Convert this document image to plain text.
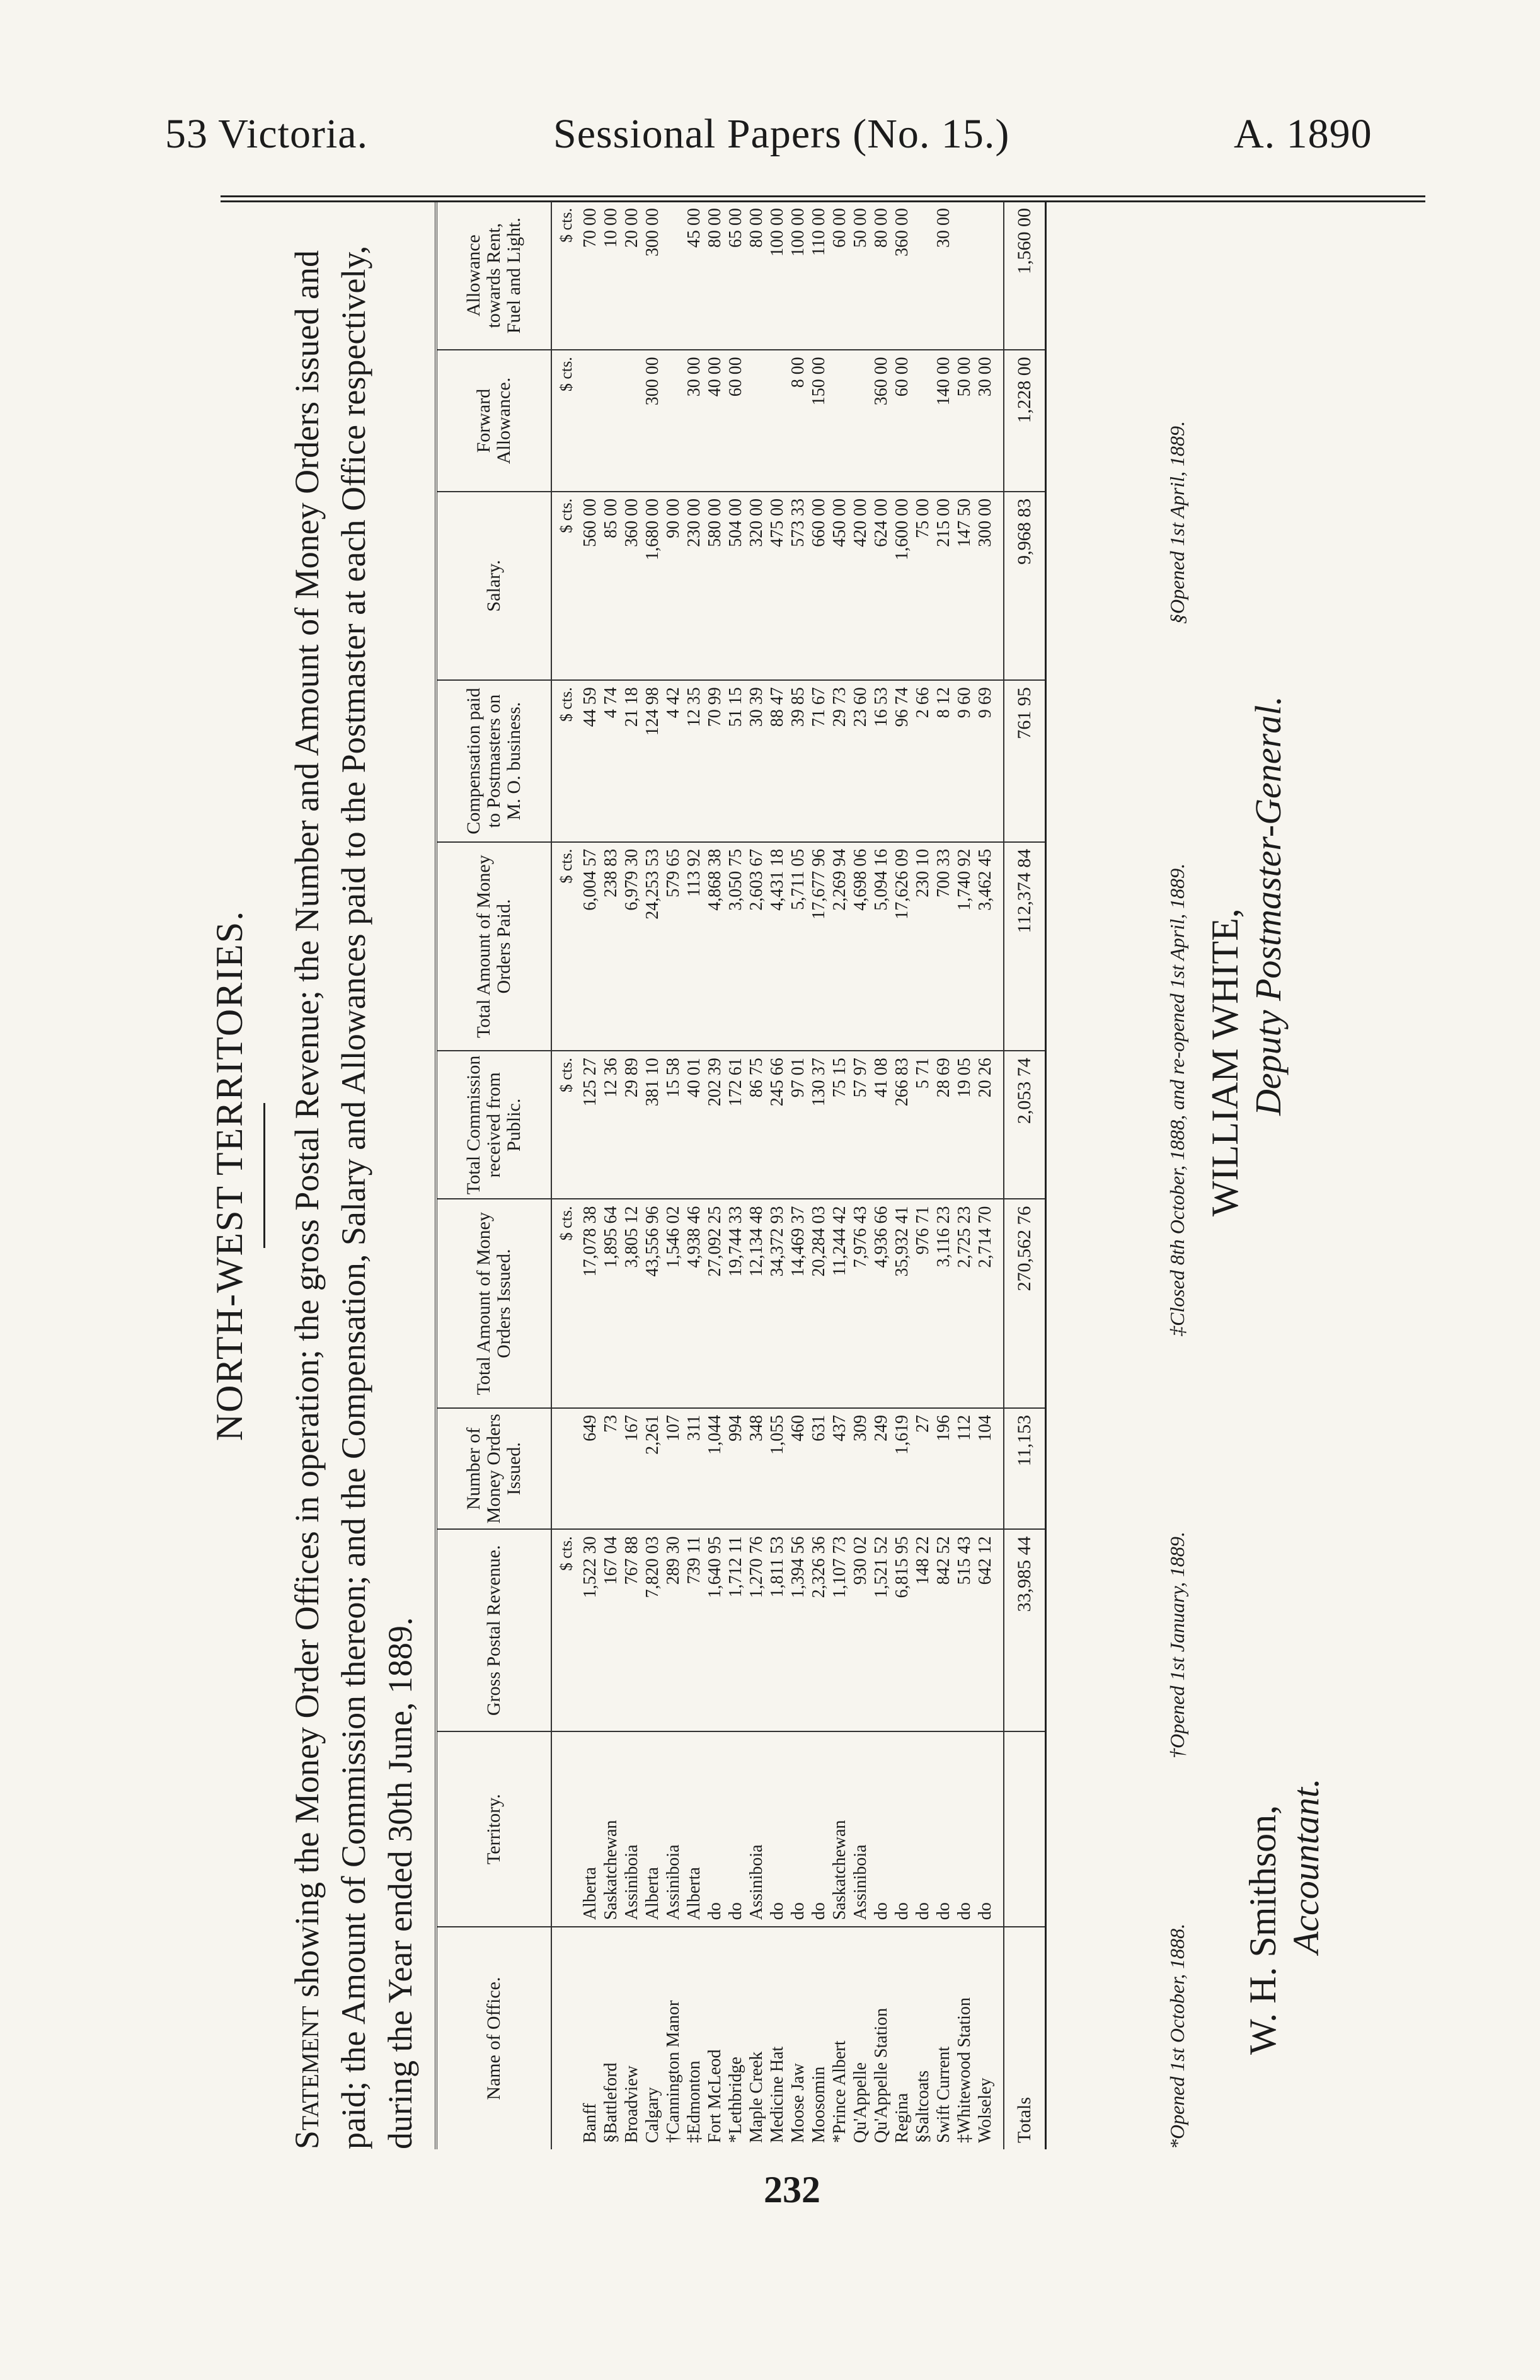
53 Victoria.	Sessional Papers (No. 15.)	A. 1890
NORTH-WEST TERRITORIES.
Statement showing the Money Order Offices in operation; the gross Postal Revenue; the Number and Amount of Money Orders issued and paid; the Amount of Commission thereon; and the Compensation, Salary and Allowances paid to the Postmaster at each Office respectively, during the Year ended 30th June, 1889.	Name of Office.	Territory.	Gross Postal Revenue.	Number of Money Orders Issued.	Total Amount of Money Orders Issued.	Total Commission received from Public.	Total Amount of Money Orders Paid.	Compensation paid to Postmasters on M. O. business.	Salary.	Forward Allowance.	Allowance towards Rent, Fuel and Light.
		$ cts.		$ cts.	$ cts.	$ cts.	$ cts.	$ cts.	$ cts.	$ cts.
Banff	Alberta	1,522 30	649	17,078 38	125 27	6,004 57	44 59	560 00		70 00
§Battleford	Saskatchewan	167 04	73	1,895 64	12 36	238 83	4 74	85 00		10 00
Broadview	Assiniboia	767 88	167	3,805 12	29 89	6,979 30	21 18	360 00		20 00
Calgary	Alberta	7,820 03	2,261	43,556 96	381 10	24,253 53	124 98	1,680 00	300 00	300 00
†Cannington Manor	Assiniboia	289 30	107	1,546 02	15 58	579 65	4 42	90 00		
‡Edmonton	Alberta	739 11	311	4,938 46	40 01	113 92	12 35	230 00	30 00	45 00
Fort McLeod	do	1,640 95	1,044	27,092 25	202 39	4,868 38	70 99	580 00	40 00	80 00
*Lethbridge	do	1,712 11	994	19,744 33	172 61	3,050 75	51 15	504 00	60 00	65 00
Maple Creek	Assiniboia	1,270 76	348	12,134 48	86 75	2,603 67	30 39	320 00		80 00
Medicine Hat	do	1,811 53	1,055	34,372 93	245 66	4,431 18	88 47	475 00		100 00
Moose Jaw	do	1,394 56	460	14,469 37	97 01	5,711 05	39 85	573 33	8 00	100 00
Moosomin	do	2,326 36	631	20,284 03	130 37	17,677 96	71 67	660 00	150 00	110 00
*Prince Albert	Saskatchewan	1,107 73	437	11,244 42	75 15	2,269 94	29 73	450 00		60 00
Qu'Appelle	Assiniboia	930 02	309	7,976 43	57 97	4,698 06	23 60	420 00		50 00
Qu'Appelle Station	do	1,521 52	249	4,936 66	41 08	5,094 16	16 53	624 00	360 00	80 00
Regina	do	6,815 95	1,619	35,932 41	266 83	17,626 09	96 74	1,600 00	60 00	360 00
§Saltcoats	do	148 22	27	976 71	5 71	230 10	2 66	75 00		
Swift Current	do	842 52	196	3,116 23	28 69	700 33	8 12	215 00	140 00	30 00
‡Whitewood Station	do	515 43	112	2,725 23	19 05	1,740 92	9 60	147 50	50 00	
Wolseley	do	642 12	104	2,714 70	20 26	3,462 45	9 69	300 00	30 00	

Totals		33,985 44	11,153	270,562 76	2,053 74	112,374 84	761 95	9,968 83	1,228 00	1,560 00
*Opened 1st October, 1888.
†Opened 1st January, 1889.
‡Closed 8th October, 1888, and re-opened 1st April, 1889.
§Opened 1st April, 1889.
W. H. Smithson, Accountant.
WILLIAM WHITE, Deputy Postmaster-General.
232
